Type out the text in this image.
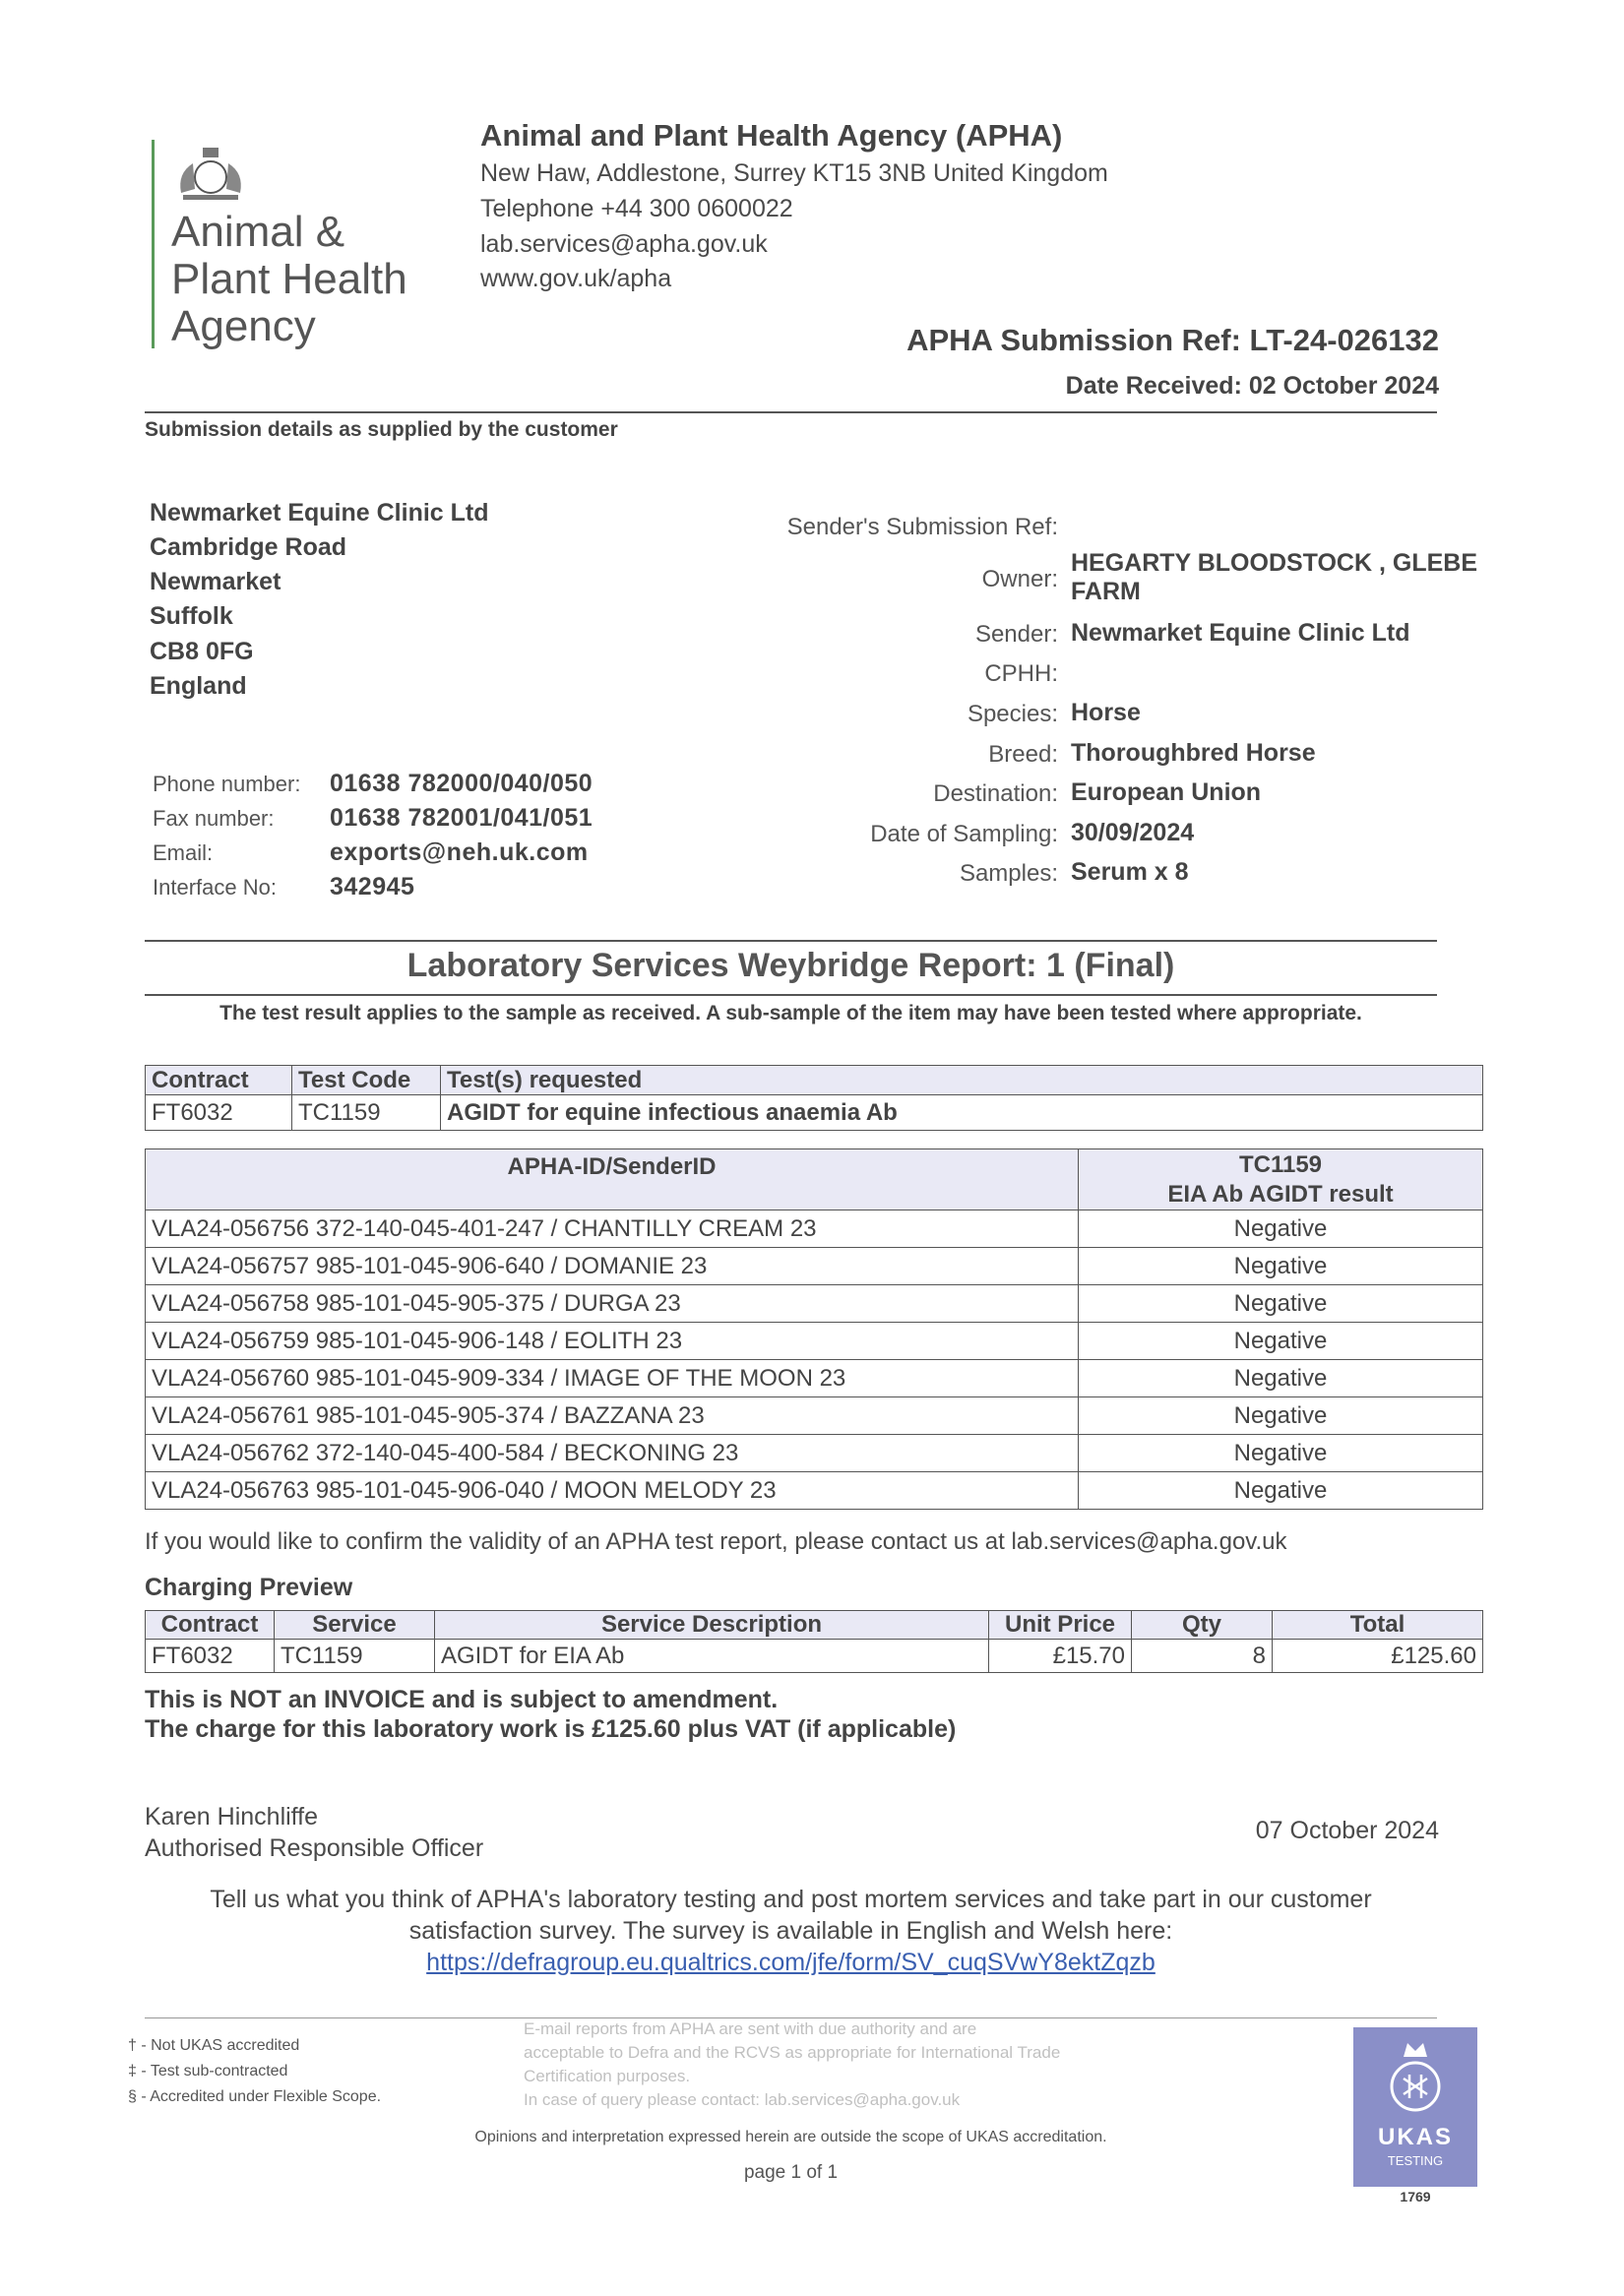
Animal &
Plant Health
Agency
Animal and Plant Health Agency (APHA)
New Haw, Addlestone, Surrey KT15 3NB United Kingdom
Telephone +44 300 0600022
lab.services@apha.gov.uk
www.gov.uk/apha
APHA Submission Ref: LT-24-026132
Date Received: 02 October 2024
Submission details as supplied by the customer
Newmarket Equine Clinic Ltd
Cambridge Road
Newmarket
Suffolk
CB8 0FG
England
Phone number: 01638 782000/040/050
Fax number: 01638 782001/041/051
Email:	exports@neh.uk.com
Interface No: 342945
Sender's Submission Ref:
Owner:
HEGARTY BLOODSTOCK , GLEBE FARM
Sender: Newmarket Equine Clinic Ltd
CPHH:
Species: Horse
Breed: Thoroughbred Horse
Destination: European Union
Date of Sampling: 30/09/2024
Samples: Serum x 8
Laboratory Services Weybridge Report: 1 (Final)
The test result applies to the sample as received. A sub-sample of the item may have been tested where appropriate.
Contract	Test Code	Test(s) requested
FT6032	TC1159	AGIDT for equine infectious anaemia Ab
APHA-ID/SenderID	TC1159
EIA Ab AGIDT result

VLA24-056756 372-140-045-401-247 / CHANTILLY CREAM 23	Negative
VLA24-056757 985-101-045-906-640 / DOMANIE 23	Negative
VLA24-056758 985-101-045-905-375 / DURGA 23	Negative
VLA24-056759 985-101-045-906-148 / EOLITH 23	Negative
VLA24-056760 985-101-045-909-334 / IMAGE OF THE MOON 23	Negative
VLA24-056761 985-101-045-905-374 / BAZZANA 23	Negative
VLA24-056762 372-140-045-400-584 / BECKONING 23	Negative
VLA24-056763 985-101-045-906-040 / MOON MELODY 23	Negative
If you would like to confirm the validity of an APHA test report, please contact us at lab.services@apha.gov.uk
Charging Preview
Contract	Service	Service Description	Unit Price	Qty	Total
FT6032	TC1159	AGIDT for EIA Ab	£15.70	8	£125.60
This is NOT an INVOICE and is subject to amendment.
The charge for this laboratory work is £125.60 plus VAT (if applicable)
Karen Hinchliffe
Authorised Responsible Officer
07 October 2024
Tell us what you think of APHA's laboratory testing and post mortem services and take part in our customer
satisfaction survey. The survey is available in English and Welsh here:
https://defragroup.eu.qualtrics.com/jfe/form/SV_cuqSVwY8ektZqzb
† - Not UKAS accredited
‡ - Test sub-contracted
§ - Accredited under Flexible Scope.
E-mail reports from APHA are sent with due authority and are
acceptable to Defra and the RCVS as appropriate for International Trade
Certification purposes.
In case of query please contact: lab.services@apha.gov.uk
Opinions and interpretation expressed herein are outside the scope of UKAS accreditation.
page 1 of 1
UKAS
TESTING
1769
